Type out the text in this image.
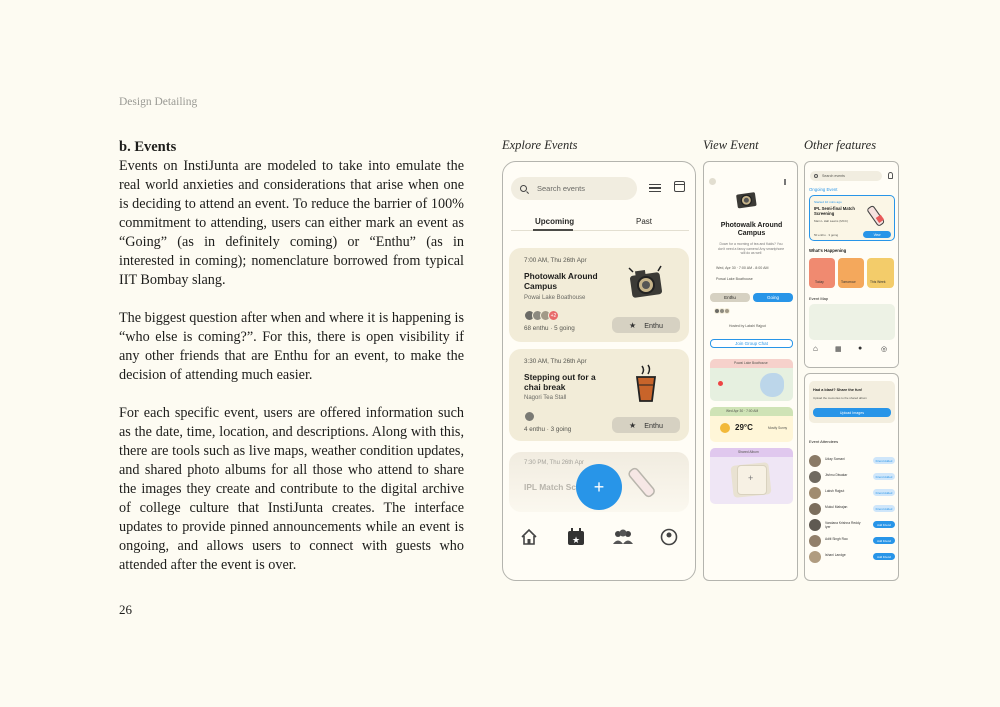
Design Detailing
b. Events

Events on InstiJunta are modeled to take into emulate the real world anxieties and considerations that arise when one is deciding to attend an event. To reduce the barrier of 100% commitment to attending, users can either mark an event as “Going” (as in definitely coming) or “Enthu” (as in interested in coming); nomenclature borrowed from typical IIT Bombay slang.

The biggest question after when and where it is happening is “who else is coming?”. For this, there is open visibility if any other friends that are Enthu for an event, to make the decision of attending much easier.

For each specific event, users are offered information such as the date, time, location, and descriptions. Along with this, there are tools such as live maps, weather condition updates, and shared photo albums for all those who attend to share the images they create and contribute to the digital archive of college culture that InstiJunta creates. The interface updates to provide pinned announcements while an event is ongoing, and allows users to connect with guests who attended after the event is over.

26
Explore Events	View Event	Other features
Search events
Upcoming	Past
7:00 AM, Thu 26th Apr
Photowalk Around Campus
Powai Lake Boathouse
+2
68 enthu · 5 going	★ Enthu
3:30 AM, Thu 26th Apr
Stepping out for a chai break
Nagori Tea Stall
4 enthu · 3 going	★ Enthu
7:30 PM, Thu 26th Apr
IPL Match Sc +
★
Photowalk Around Campus
Down for a morning of tea and fluids? You don't need a fancy camera! Any smartphone will do as well
Wed, Apr 30 · 7:00 AM - 8:00 AM
Powai Lake Boathouse
Enthu	Going
Hosted by Lakshi Rajput
Join Group Chat
Powai Lake Boathouse
Wed Apr 30 · 7:00 AM
29°C	Mostly Sunny
Shared Album
+
Search events
Ongoing Event
Started 10 mins ago
IPL Semi-final Match Screening
Main L Hall Lawns (MCC)
50 enthu · 3 going	View
What's Happening
Today	Tomorrow	This Week
Event Map
⌂ ▦ ●	◎
Had a blast? Share the fun!
Upload the memories to the shared album
Upload Images
Event Attendees
Uday Somani	Friend Added
Jishnu Diwakar	Friend Added
Laksh Rajput	Friend Added
Mukul Mahajan	Friend Added
Vandana Krishna Reddy Iyer
Add Friend
Aditi Singh Rao	Add Friend
Ishani Landge	Add Friend
